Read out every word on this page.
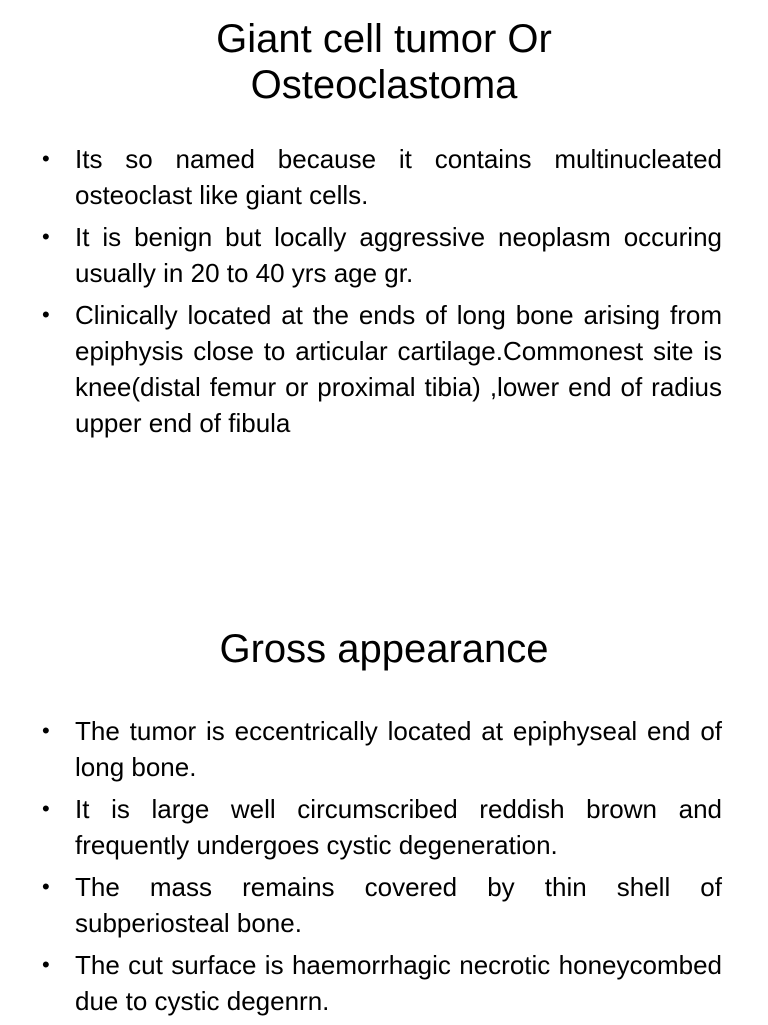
Giant cell tumor Or
Osteoclastoma
• Its so named because it contains multinucleated osteoclast like giant cells.
• It is benign but locally aggressive neoplasm occuring usually in 20 to 40 yrs age gr.
• Clinically located at the ends of long bone arising from epiphysis close to articular cartilage.Commonest site is knee(distal femur or proximal tibia) ,lower end of radius upper end of fibula
Gross appearance
• The tumor is eccentrically located at epiphyseal end of long bone.
• It is large well circumscribed reddish brown and frequently undergoes cystic degeneration.
• The mass remains covered by thin shell of subperiosteal bone.
• The cut surface is haemorrhagic necrotic honeycombed due to cystic degenrn.
